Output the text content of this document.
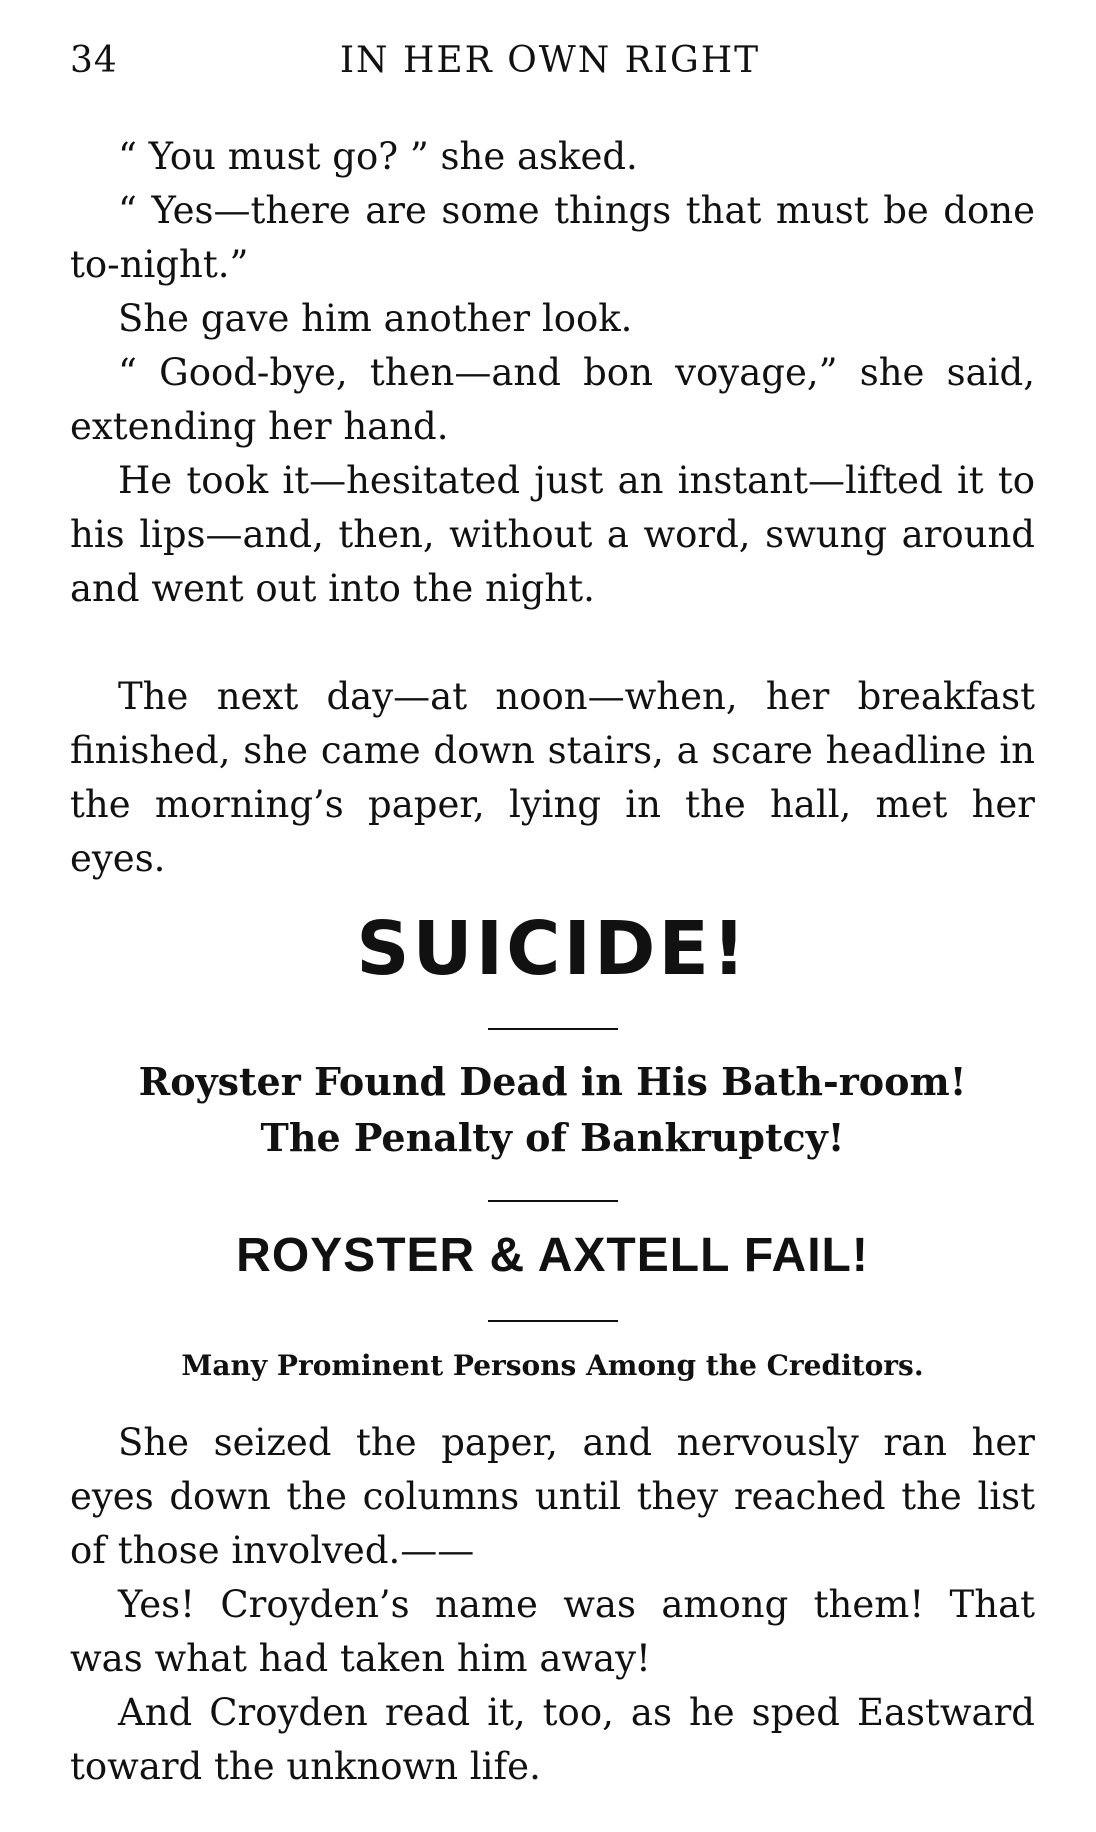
34	IN HER OWN RIGHT

“ You must go? ” she asked.

“ Yes—there are some things that must be done to-night.”

She gave him another look.

“ Good-bye, then—and bon voyage,” she said, extending her hand.

He took it—hesitated just an instant—lifted it to his lips—and, then, without a word, swung around and went out into the night.

The next day—at noon—when, her breakfast finished, she came down stairs, a scare headline in the morning’s paper, lying in the hall, met her eyes.

SUICIDE!
Royster Found Dead in His Bath-room!
The Penalty of Bankruptcy!
ROYSTER & AXTELL FAIL!
Many Prominent Persons Among the Creditors.

She seized the paper, and nervously ran her eyes down the columns until they reached the list of those involved.——

Yes! Croyden’s name was among them! That was what had taken him away!

And Croyden read it, too, as he sped Eastward toward the unknown life.
